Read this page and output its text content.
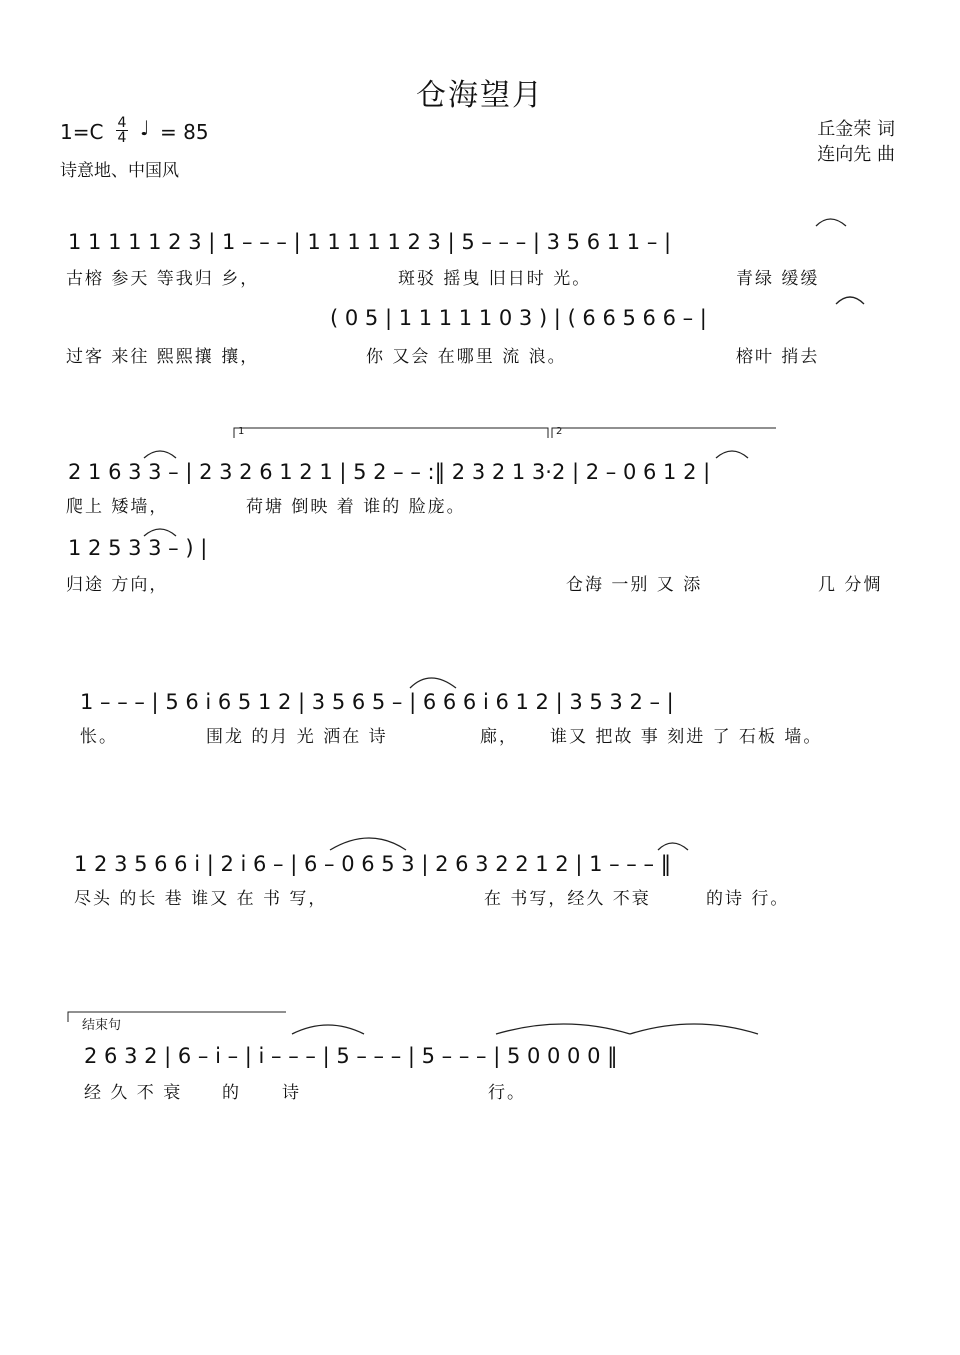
仓海望月
1=C 4
4 ♩ = 85
诗意地、中国风
丘金荣 词
连向先 曲
1 1 1 1 1 2 3 | 1 – – – | 1 1 1 1 1 2 3 | 5 – – – | 3 5 6 1 1 – |
古榕 参天 等我归 乡，	斑驳 摇曳 旧日时 光。	青绿 缓缓
( 0 5 | 1 1 1 1 1 0 3 ) | ( 6 6 5 6 6 – |
过客 来往 熙熙攘 攘，	你 又会 在哪里 流 浪。	榕叶 捎去
1	2
2 1 6 3 3 – | 2 3 2 6 1 2 1 | 5 2 – – :‖ 2 3 2 1 3·2 | 2 – 0 6 1 2 |
爬上 矮墙，	荷塘 倒映 着 谁的 脸庞。
1 2 5 3 3 – ) |
归途 方向，	仓海 一别 又 添	几 分惆
1 – – – | 5 6 i 6 5 1 2 | 3 5 6 5 – | 6 6 6 i 6 1 2 | 3 5 3 2 – |
怅。	围龙 的月 光 洒在 诗	廊， 谁又 把故 事 刻进 了 石板 墙。
1 2 3 5 6 6 i | 2 i 6 – | 6 – 0 6 5 3 | 2 6 3 2 2 1 2 | 1 – – – ‖
尽头 的长 巷 谁又 在 书 写，	在 书写，经久 不衰	的诗 行。
结束句
2 6 3 2 | 6 – i – | i – – – | 5 – – – | 5 – – – | 5 0 0 0 0 ‖
经 久 不 衰 的 诗	行。
